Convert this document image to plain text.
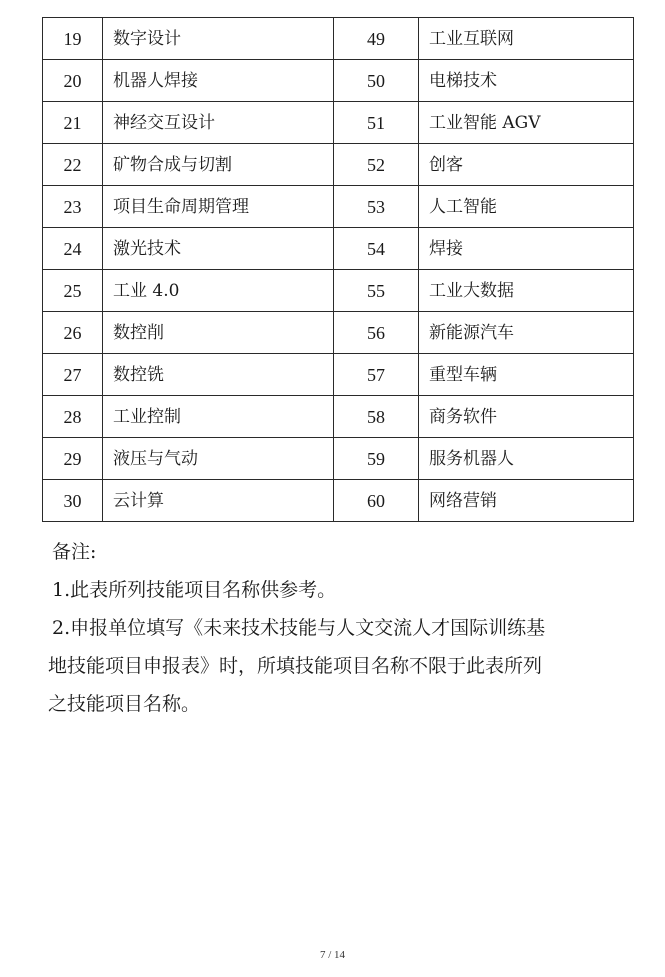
19	数字设计	49	工业互联网
20	机器人焊接	50	电梯技术
21	神经交互设计	51	工业智能 AGV
22	矿物合成与切割	52	创客
23	项目生命周期管理	53	人工智能
24	激光技术	54	焊接
25	工业 4.0	55	工业大数据
26	数控削	56	新能源汽车
27	数控铣	57	重型车辆
28	工业控制	58	商务软件
29	液压与气动	59	服务机器人
30	云计算	60	网络营销

备注:

1.此表所列技能项目名称供参考。

2.申报单位填写《未来技术技能与人文交流人才国际训练基

地技能项目申报表》时，所填技能项目名称不限于此表所列

之技能项目名称。

7 / 14
